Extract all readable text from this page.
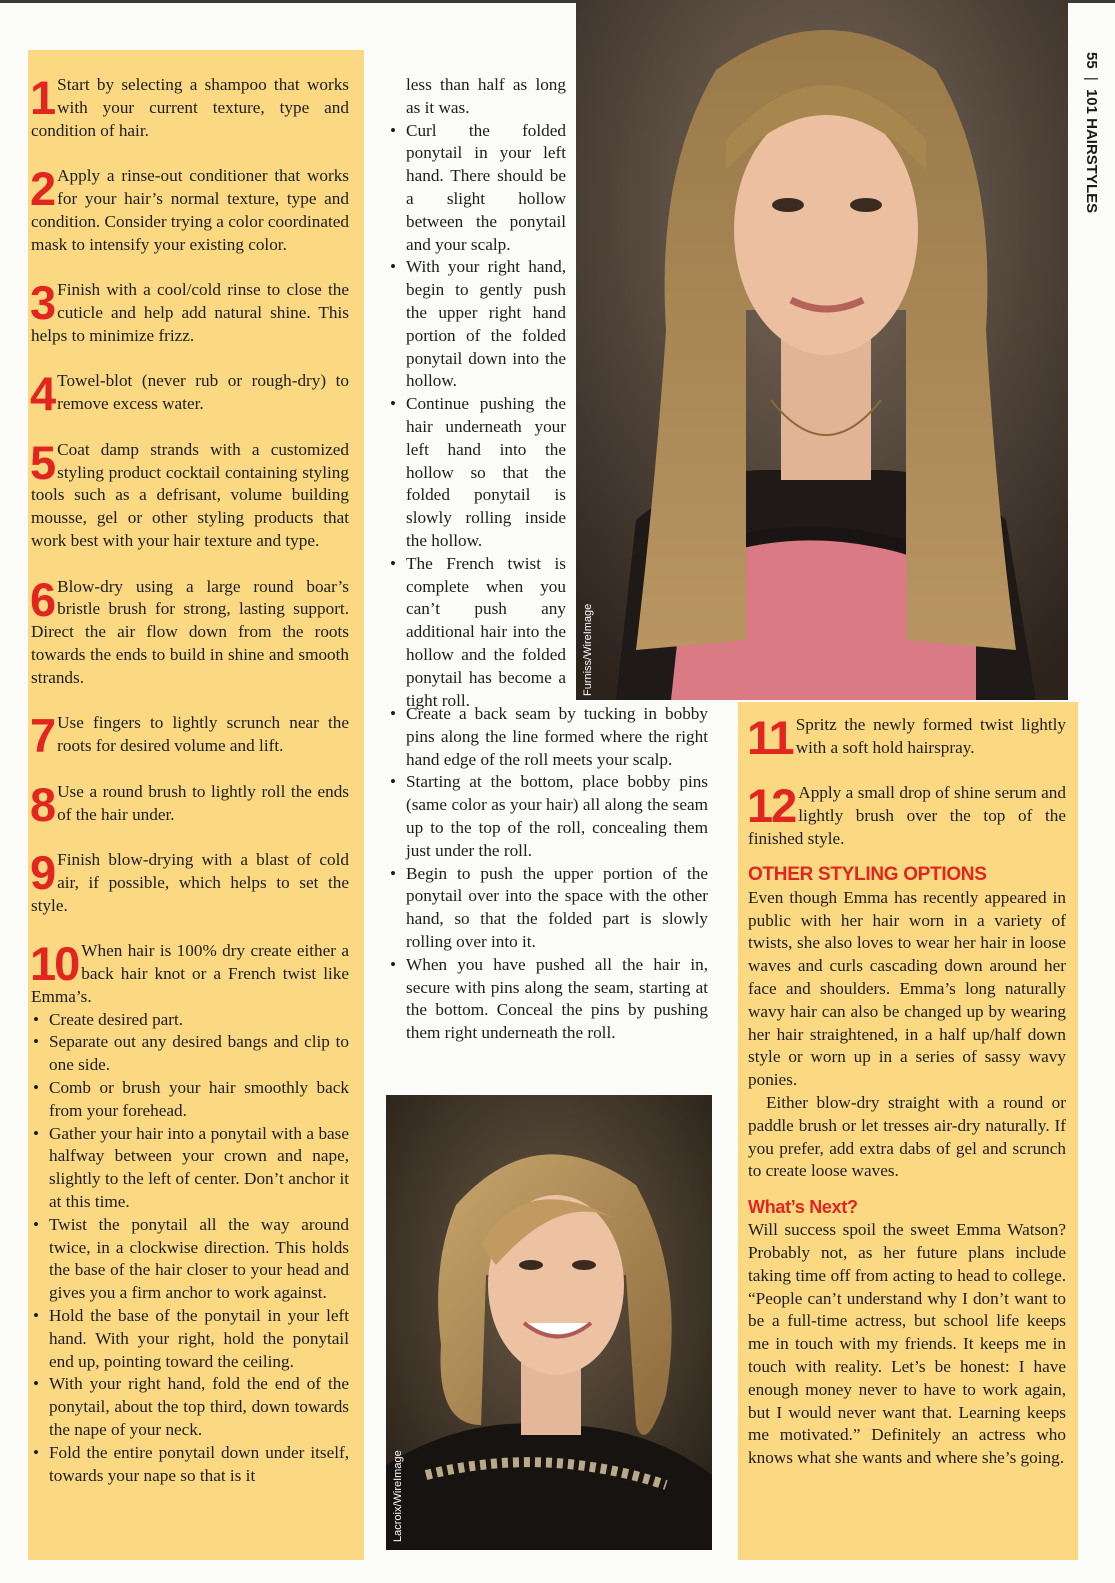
1 Start by selecting a shampoo that works with your current texture, type and condition of hair.

2 Apply a rinse-out conditioner that works for your hair’s normal texture, type and condition. Consider trying a color coordinated mask to intensify your existing color.

3 Finish with a cool/cold rinse to close the cuticle and help add natural shine. This helps to minimize frizz.

4 Towel-blot (never rub or rough-dry) to remove excess water.

5 Coat damp strands with a customized styling product cocktail containing styling tools such as a defrisant, volume building mousse, gel or other styling products that work best with your hair texture and type.

6 Blow-dry using a large round boar’s bristle brush for strong, lasting support. Direct the air flow down from the roots towards the ends to build in shine and smooth strands.

7 Use fingers to lightly scrunch near the roots for desired volume and lift.

8 Use a round brush to lightly roll the ends of the hair under.

9 Finish blow-drying with a blast of cold air, if possible, which helps to set the style.

10 When hair is 100% dry create either a back hair knot or a French twist like Emma’s.

• Create desired part.
• Separate out any desired bangs and clip to one side.
• Comb or brush your hair smoothly back from your forehead.
• Gather your hair into a ponytail with a base halfway between your crown and nape, slightly to the left of center. Don’t anchor it at this time.
• Twist the ponytail all the way around twice, in a clockwise direction. This holds the base of the hair closer to your head and gives you a firm anchor to work against.
• Hold the base of the ponytail in your left hand. With your right, hold the ponytail end up, pointing toward the ceiling.
• With your right hand, fold the end of the ponytail, about the top third, down towards the nape of your neck.
• Fold the entire ponytail down under itself, towards your nape so that is it

less than half as long as it was.

• Curl the folded ponytail in your left hand. There should be a slight hollow between the ponytail and your scalp.
• With your right hand, begin to gently push the upper right hand portion of the folded ponytail down into the hollow.
• Continue pushing the hair underneath your left hand into the hollow so that the folded ponytail is slowly rolling inside the hollow.
• The French twist is complete when you can’t push any additional hair into the hollow and the folded ponytail has become a tight roll.
• Create a back seam by tucking in bobby pins along the line formed where the right hand edge of the roll meets your scalp.
• Starting at the bottom, place bobby pins (same color as your hair) all along the seam up to the top of the roll, concealing them just under the roll.
• Begin to push the upper portion of the ponytail over into the space with the other hand, so that the folded part is slowly rolling over into it.
• When you have pushed all the hair in, secure with pins along the seam, starting at the bottom. Conceal the pins by pushing them right underneath the roll.
11 Spritz the newly formed twist lightly with a soft hold hairspray.

12 Apply a small drop of shine serum and lightly brush over the top of the finished style.

OTHER STYLING OPTIONS

Even though Emma has recently appeared in public with her hair worn in a variety of twists, she also loves to wear her hair in loose waves and curls cascading down around her face and shoulders. Emma’s long naturally wavy hair can also be changed up by wearing her hair straightened, in a half up/half down style or worn up in a series of sassy wavy ponies.

Either blow-dry straight with a round or paddle brush or let tresses air-dry naturally. If you prefer, add extra dabs of gel and scrunch to create loose waves.

What’s Next?

Will success spoil the sweet Emma Watson? Probably not, as her future plans include taking time off from acting to head to college. “People can’t understand why I don’t want to be a full-time actress, but school life keeps me in touch with my friends. It keeps me in touch with reality. Let’s be honest: I have enough money never to have to work again, but I would never want that. Learning keeps me motivated.” Definitely an actress who knows what she wants and where she’s going.

Furniss/WireImage
Lacroix/WireImage
55 | 101 HAIRSTYLES
